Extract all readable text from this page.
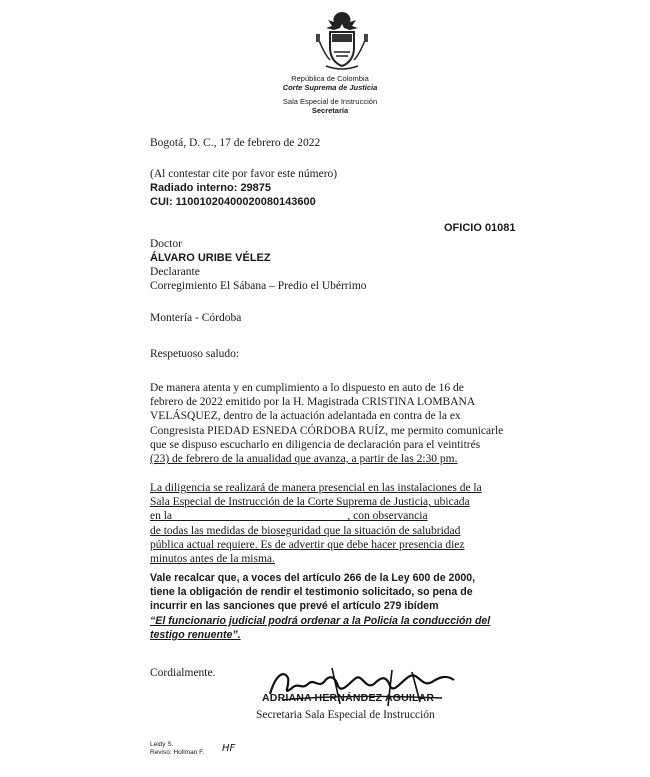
República de Colombia
Corte Suprema de Justicia
Sala Especial de Instrucción
Secretaría
Bogotá, D. C., 17 de febrero de 2022
(Al contestar cite por favor este número)
Radiado interno: 29875
CUI: 11001020400020080143600
OFICIO 01081
Doctor
ÁLVARO URIBE VÉLEZ
Declarante
Corregimiento El Sábana – Predio el Ubérrimo
Montería - Córdoba
Respetuoso saludo:
De manera atenta y en cumplimiento a lo dispuesto en auto de 16 de
febrero de 2022 emitido por la H. Magistrada CRISTINA LOMBANA
VELÁSQUEZ, dentro de la actuación adelantada en contra de la ex
Congresista PIEDAD ESNEDA CÓRDOBA RUÍZ, me permito comunicarle
que se dispuso escucharlo en diligencia de declaración para el veintitrés
(23) de febrero de la anualidad que avanza, a partir de las 2:30 pm.
La diligencia se realizará de manera presencial en las instalaciones de la
Sala Especial de Instrucción de la Corte Suprema de Justicia, ubicada
en la ______________________________, con observancia
de todas las medidas de bioseguridad que la situación de salubridad
pública actual requiere. Es de advertir que debe hacer presencia diez
minutos antes de la misma.
Vale recalcar que, a voces del artículo 266 de la Ley 600 de 2000,
tiene la obligación de rendir el testimonio solicitado, so pena de
incurrir en las sanciones que prevé el artículo 279 ibídem
“El funcionario judicial podrá ordenar a la Policía la conducción del
testigo renuente”.
Cordialmente.
ADRIANA HERNÁNDEZ AGUILAR
Secretaria Sala Especial de Instrucción
Leidy S.
Reviso: Hollman F. HF
